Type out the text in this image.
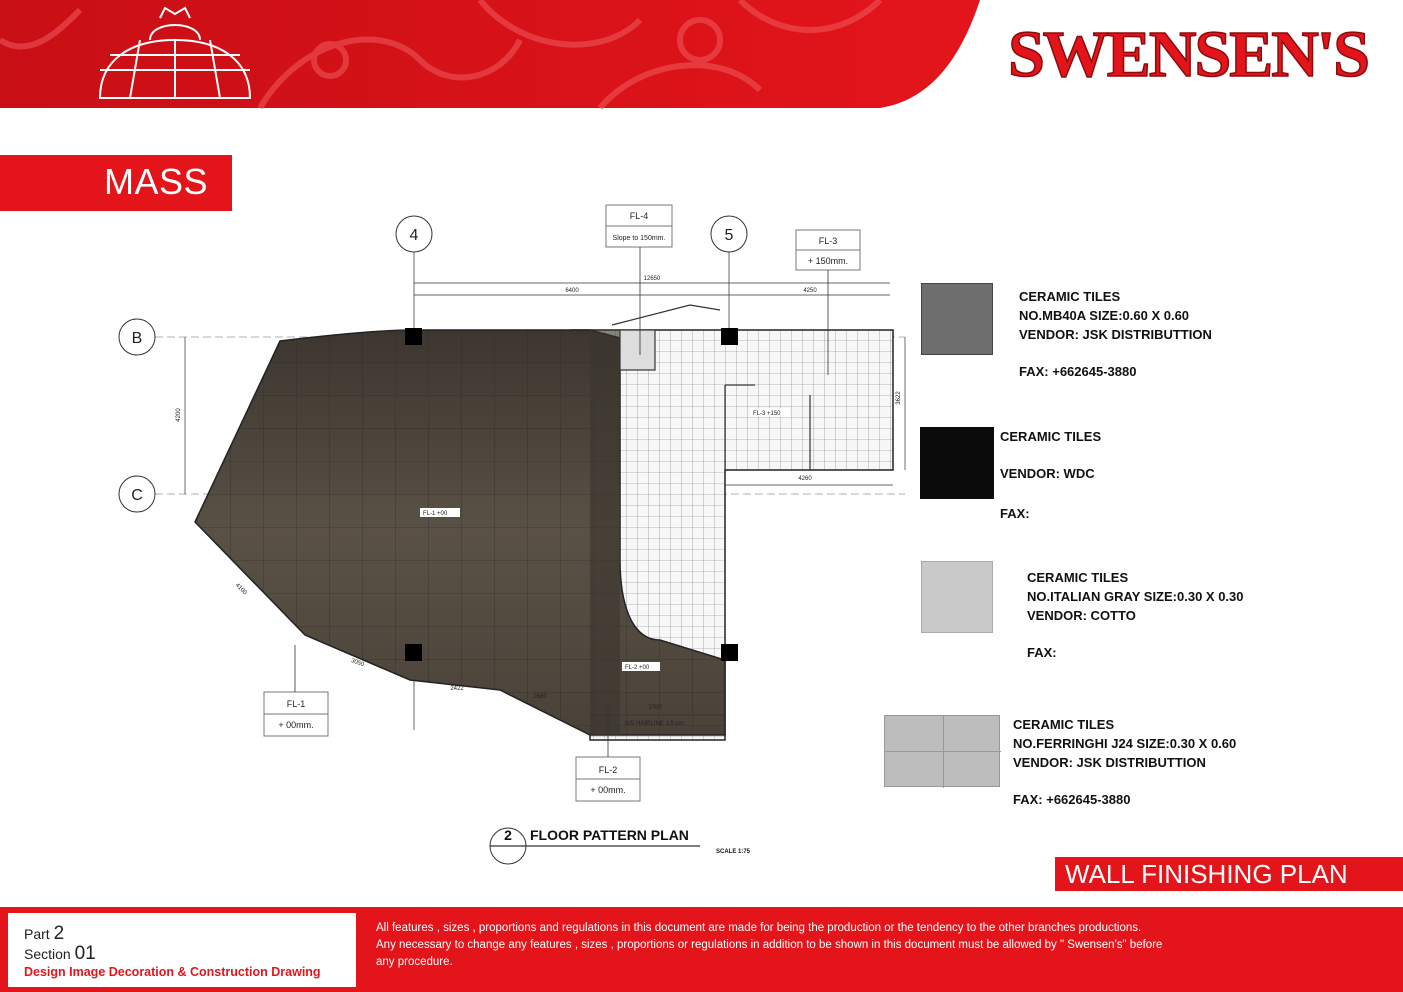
SWENSEN'S
MASS
FL-1 +00
FL-2 +00
FL-3 +150
12650
6400	4250
4200
3622
4260
4100
3050
2422
2680
3700
S/S HAIRLINE 1.5 cm.
4	5
B
C
FL-4
Slope to 150mm.	FL-3
+ 150mm.
FL-1
+ 00mm.
FL-2
+ 00mm.
2 FLOOR PATTERN PLAN
SCALE 1:75
CERAMIC TILES
NO.MB40A SIZE:0.60 X 0.60
VENDOR: JSK DISTRIBUTTION
FAX: +662645-3880
CERAMIC TILES
VENDOR: WDC
FAX:
CERAMIC TILES
NO.ITALIAN GRAY SIZE:0.30 X 0.30
VENDOR: COTTO
FAX:
CERAMIC TILES
NO.FERRINGHI J24 SIZE:0.30 X 0.60
VENDOR: JSK DISTRIBUTTION
FAX: +662645-3880
WALL FINISHING PLAN
Part 2
Section 01
Design Image Decoration & Construction Drawing
All features , sizes , proportions and regulations in this document are made for being the production or the tendency to the other branches productions.
Any necessary to change any features , sizes , proportions or regulations in addition to be shown in this document must be allowed by " Swensen's" before
any procedure.
